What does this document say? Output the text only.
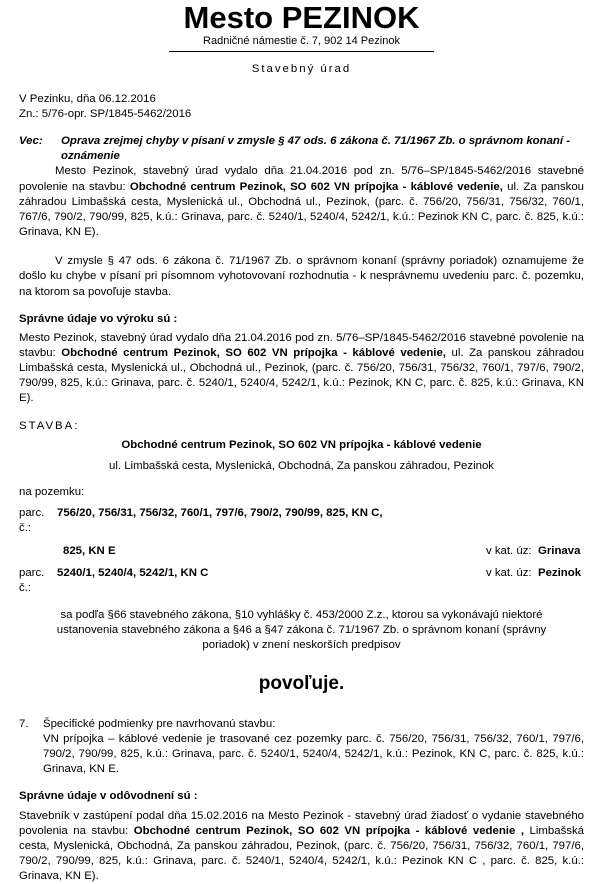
Mesto PEZINOK
Radničné námestie č. 7, 902 14 Pezinok
Stavebný úrad
V Pezinku, dňa 06.12.2016
Zn.: 5/76-opr. SP/1845-5462/2016
Vec:	Oprava zrejmej chyby v písaní v zmysle § 47 ods. 6 zákona č. 71/1967 Zb. o správnom konaní - oznámenie
Mesto Pezinok, stavebný úrad vydalo dňa 21.04.2016 pod zn. 5/76–SP/1845-5462/2016 stavebné povolenie na stavbu: Obchodné centrum Pezinok, SO 602 VN prípojka - káblové vedenie, ul. Za panskou záhradou Limbašská cesta, Myslenická ul., Obchodná ul., Pezinok, (parc. č. 756/20, 756/31, 756/32, 760/1, 767/6, 790/2, 790/99, 825, k.ú.: Grinava, parc. č. 5240/1, 5240/4, 5242/1, k.ú.: Pezinok KN C, parc. č. 825, k.ú.: Grinava, KN E).
V zmysle § 47 ods. 6 zákona č. 71/1967 Zb. o správnom konaní (správny poriadok) oznamujeme že došlo ku chybe v písaní pri písomnom vyhotovovaní rozhodnutia - k nesprávnemu uvedeniu parc. č. pozemku, na ktorom sa povoľuje stavba.
Správne údaje vo výroku sú :
Mesto Pezinok, stavebný úrad vydalo dňa 21.04.2016 pod zn. 5/76–SP/1845-5462/2016 stavebné povolenie na stavbu: Obchodné centrum Pezinok, SO 602 VN prípojka - káblové vedenie, ul. Za panskou záhradou Limbašská cesta, Myslenická ul., Obchodná ul., Pezinok, (parc. č. 756/20, 756/31, 756/32, 760/1, 797/6, 790/2, 790/99, 825, k.ú.: Grinava, parc. č. 5240/1, 5240/4, 5242/1, k.ú.: Pezinok, KN C, parc. č. 825, k.ú.: Grinava, KN E).
STAVBA:
Obchodné centrum Pezinok, SO 602 VN prípojka - káblové vedenie
ul. Limbašská cesta, Myslenická, Obchodná, Za panskou záhradou, Pezinok
na pozemku:
parc. č.:
756/20, 756/31, 756/32, 760/1, 797/6, 790/2, 790/99, 825, KN C,
825, KN E	v kat. úz: Grinava
parc. č.:
5240/1, 5240/4, 5242/1, KN C	v kat. úz: Pezinok
sa podľa §66 stavebného zákona, §10 vyhlášky č. 453/2000 Z.z., ktorou sa vykonávajú niektoré ustanovenia stavebného zákona a §46 a §47 zákona č. 71/1967 Zb. o správnom konaní (správny poriadok) v znení neskorších predpisov
povoľuje.
7.	Špecifické podmienky pre navrhovanú stavbu:
VN prípojka – káblové vedenie je trasované cez pozemky parc. č. 756/20, 756/31, 756/32, 760/1, 797/6, 790/2, 790/99, 825, k.ú.: Grinava, parc. č. 5240/1, 5240/4, 5242/1, k.ú.: Pezinok, KN C, parc. č. 825, k.ú.: Grinava, KN E.
Správne údaje v odôvodnení sú :
Stavebník v zastúpení podal dňa 15.02.2016 na Mesto Pezinok - stavebný úrad žiadosť o vydanie stavebného povolenia na stavbu: Obchodné centrum Pezinok, SO 602 VN prípojka - káblové vedenie , Limbašská cesta, Myslenická, Obchodná, Za panskou záhradou, Pezinok, (parc. č. 756/20, 756/31, 756/32, 760/1, 797/6, 790/2, 790/99, 825, k.ú.: Grinava, parc. č. 5240/1, 5240/4, 5242/1, k.ú.: Pezinok KN C , parc. č. 825, k.ú.: Grinava, KN E).
